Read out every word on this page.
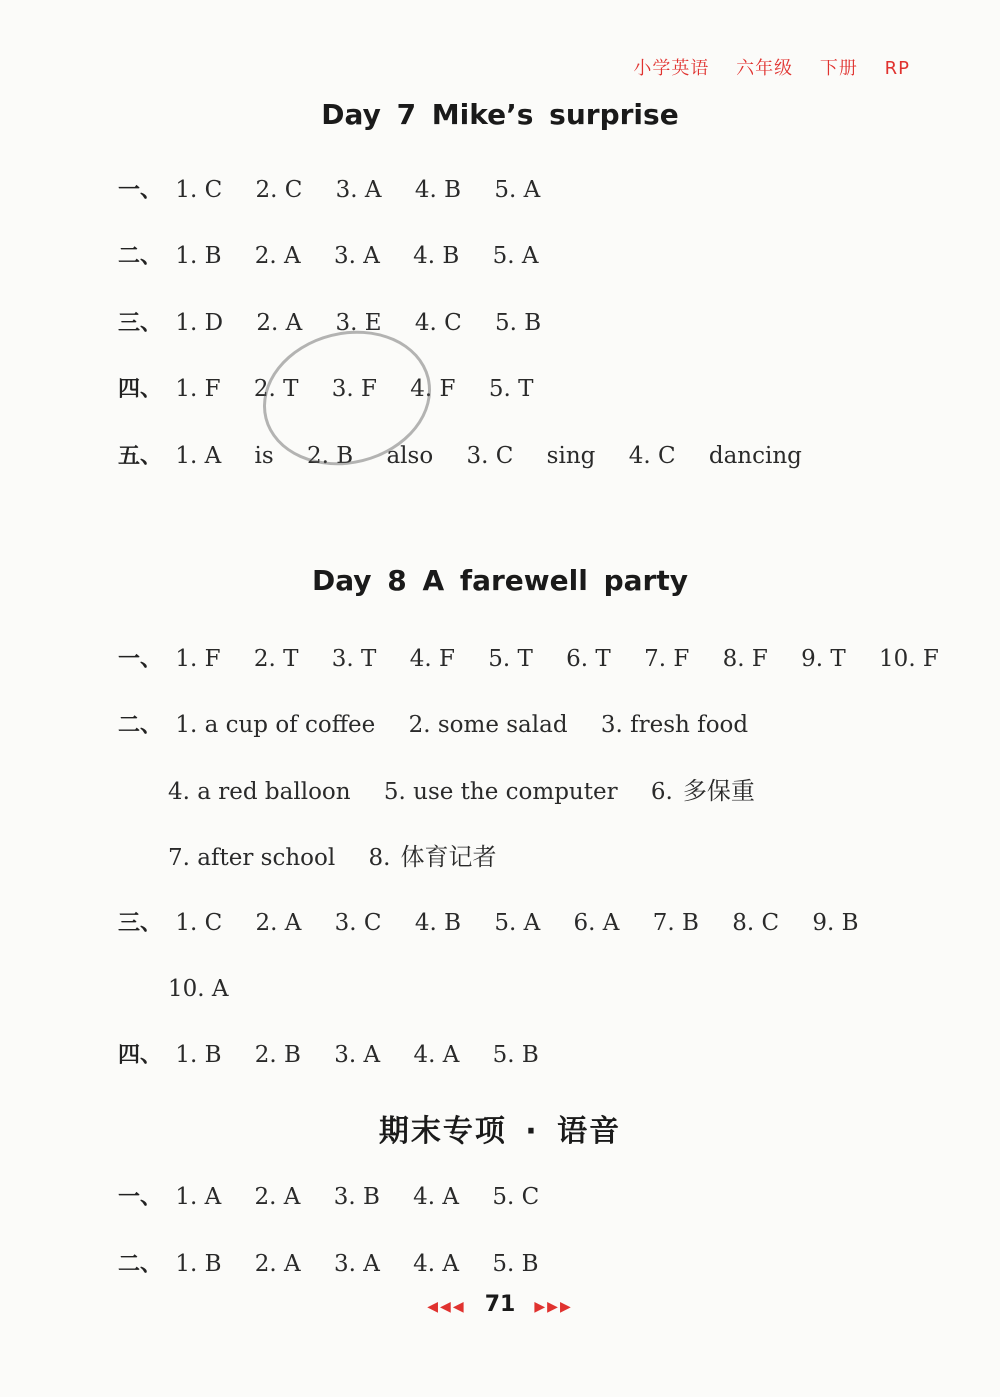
小学英语 六年级 下册 RP
Day 7 Mike’s surprise
一、 1. C 2. C 3. A 4. B 5. A
二、 1. B 2. A 3. A 4. B 5. A
三、 1. D 2. A 3. E 4. C 5. B
四、 1. F 2. T 3. F 4. F 5. T
五、 1. A is 2. B also 3. C sing 4. C dancing
Day 8 A farewell party
一、 1. F 2. T 3. T 4. F 5. T 6. T 7. F 8. F 9. T 10. F
二、 1. a cup of coffee 2. some salad 3. fresh food
4. a red balloon 5. use the computer 6. 多保重
7. after school 8. 体育记者
三、 1. C 2. A 3. C 4. B 5. A 6. A 7. B 8. C 9. B
10. A
四、 1. B 2. B 3. A 4. A 5. B
期末专项 · 语音
一、 1. A 2. A 3. B 4. A 5. C
二、 1. B 2. A 3. A 4. A 5. B
◀◀◀ 71 ▶▶▶
